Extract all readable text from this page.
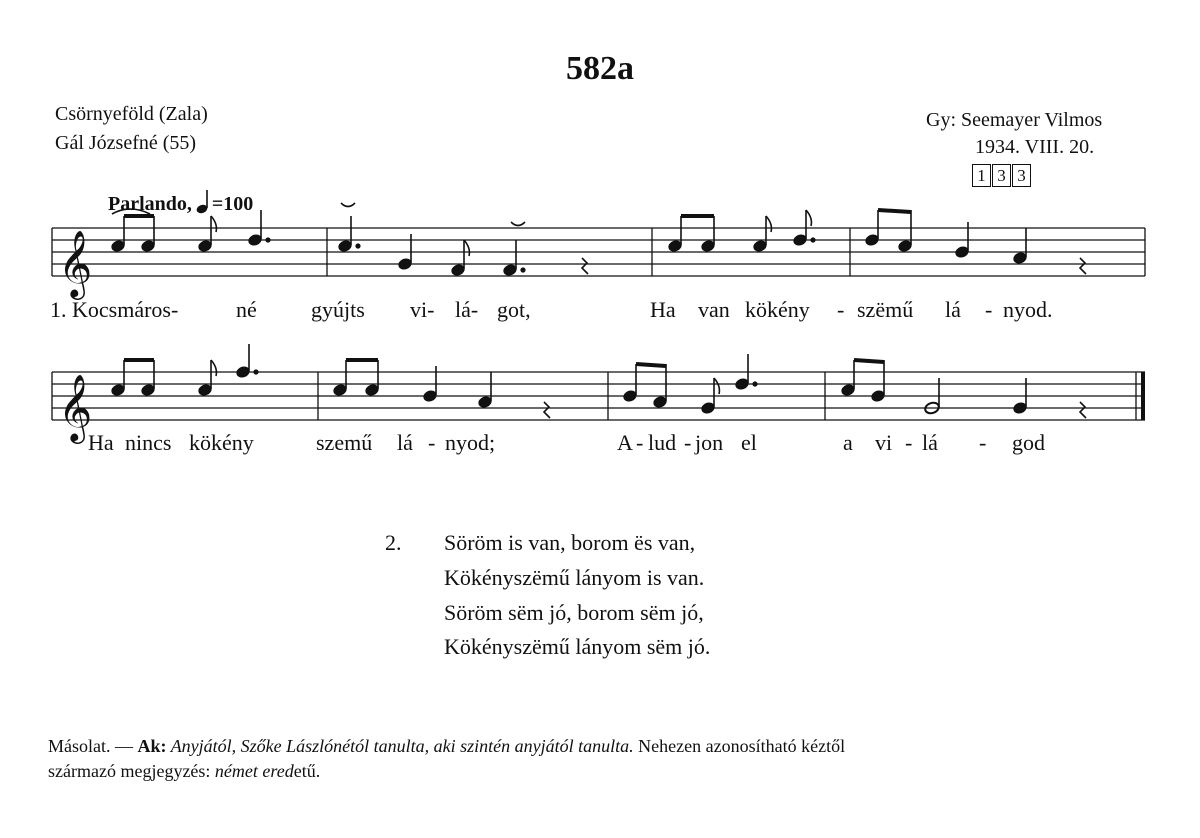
582a
Csörnyeföld (Zala)
Gál Józsefné (55)
Gy: Seemayer Vilmos
1934. VIII. 20.
1 3 3
Parlando, =100
𝄞
𝄞
1. Kocsmáros-	né gyújts vi- lá- got,	Ha van kökény - szëmű lá - nyod.
Ha nincs kökény	szemű lá - nyod;	A - lud - jon el	a vi - lá - god
2. Söröm is van, borom ës van,
Kökényszëmű lányom is van.
Söröm sëm jó, borom sëm jó,
Kökényszëmű lányom sëm jó.
Másolat. — Ak: Anyjától, Szőke Lászlónétól tanulta, aki szintén anyjától tanulta. Nehezen azonosítható kéztől
származó megjegyzés: német eredetű.
